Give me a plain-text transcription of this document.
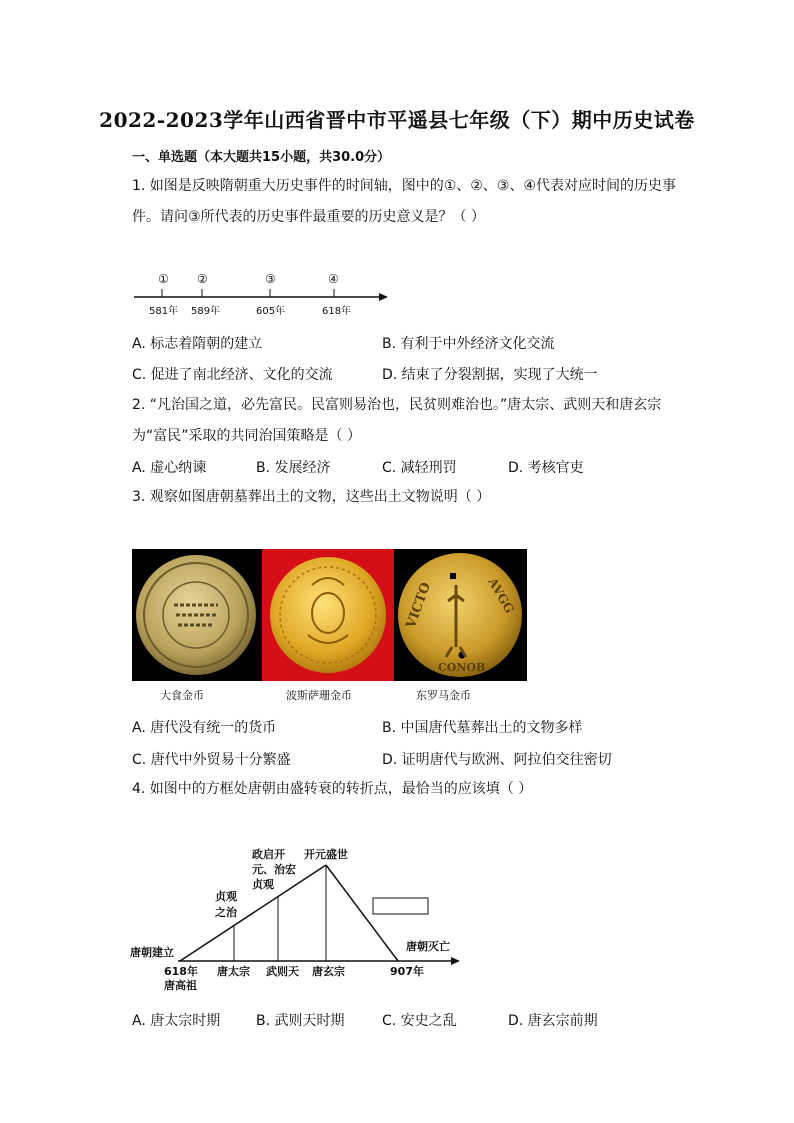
2022-2023学年山西省晋中市平遥县七年级（下）期中历史试卷
一、单选题（本大题共15小题，共30.0分）
1. 如图是反映隋朝重大历史事件的时间轴，图中的①、②、③、④代表对应时间的历史事
件。请问③所代表的历史事件最重要的历史意义是？（ ）
① ②	③	④
581年 589年	605年	618年
A. 标志着隋朝的建立	B. 有利于中外经济文化交流
C. 促进了南北经济、文化的交流	D. 结束了分裂割据，实现了大统一
2. “凡治国之道，必先富民。民富则易治也，民贫则难治也。”唐太宗、武则天和唐玄宗
为“富民”采取的共同治国策略是（ ）
A. 虚心纳谏	B. 发展经济	C. 减轻刑罚	D. 考核官吏
3. 观察如图唐朝墓葬出土的文物，这些出土文物说明（ ）
VICTO	AVGG
CONOB
大食金币	波斯萨珊金币	东罗马金币
A. 唐代没有统一的货币	B. 中国唐代墓葬出土的文物多样
C. 唐代中外贸易十分繁盛	D. 证明唐代与欧洲、阿拉伯交往密切
4. 如图中的方框处唐朝由盛转衰的转折点，最恰当的应该填（ ）
唐朝建立
贞观
之治
政启开
元、治宏
贞观
开元盛世
唐朝灭亡
618年
唐高祖
唐太宗 武则天 唐玄宗	907年
A. 唐太宗时期	B. 武则天时期	C. 安史之乱	D. 唐玄宗前期
